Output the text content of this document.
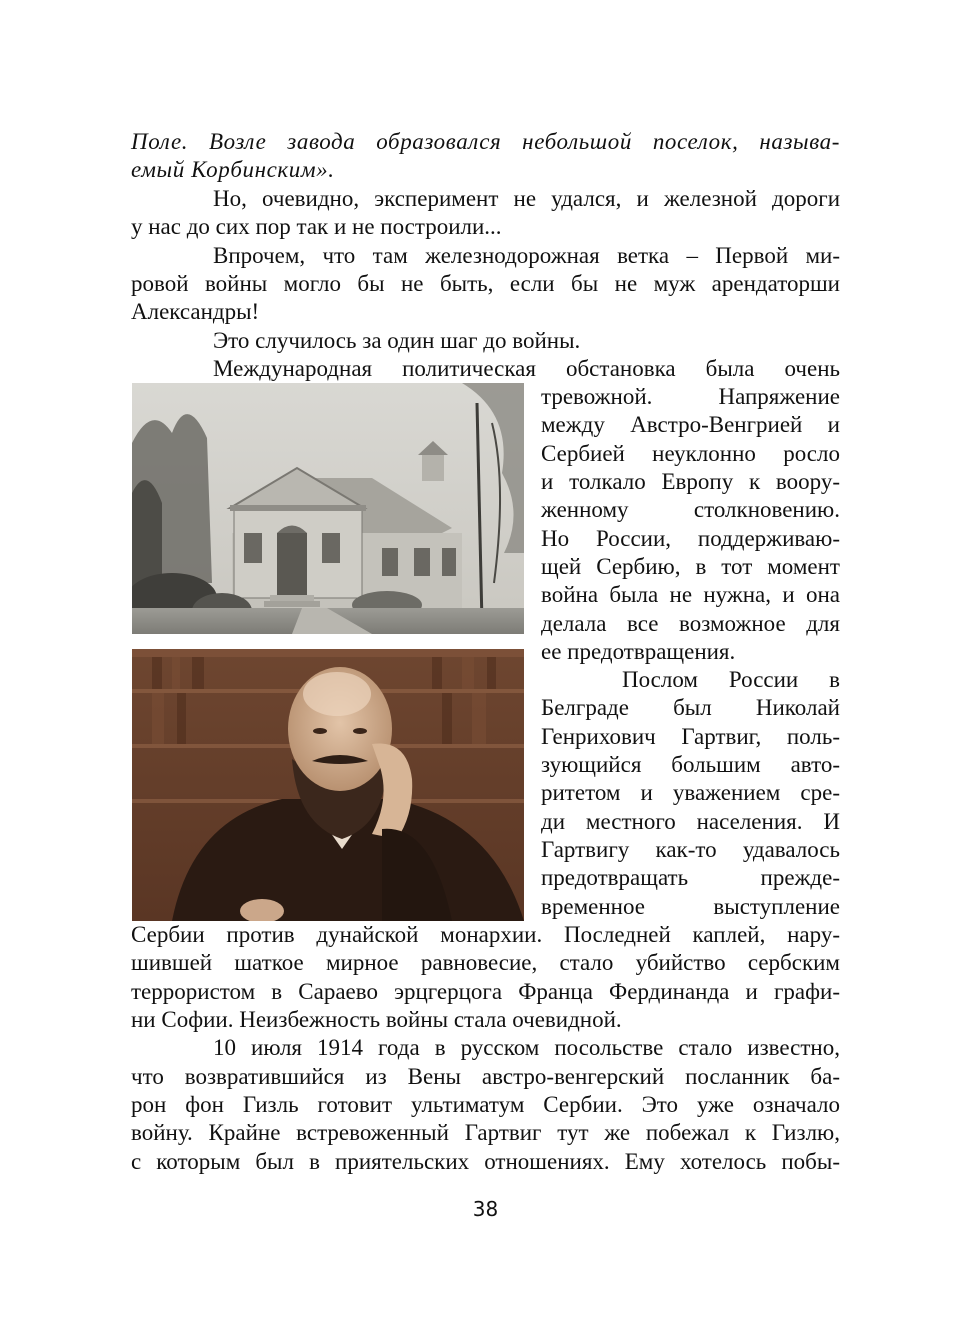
Поле. Возле завода образовался небольшой поселок, называ-
емый Корбинским».
Но, очевидно, эксперимент не удался, и железной дороги
у нас до сих пор так и не построили...
Впрочем, что там железнодорожная ветка – Первой ми-
ровой войны могло бы не быть, если бы не муж арендаторши
Александры!
Это случилось за один шаг до войны.
Международная политическая обстановка была очень
тревожной. Напряжение
между Австро-Венгрией и
Сербией неуклонно росло
и толкало Европу к воору-
женному столкновению.
Но России, поддерживаю-
щей Сербию, в тот момент
война была не нужна, и она
делала все возможное для
ее предотвращения.
Послом России в
Белграде был Николай
Генрихович Гартвиг, поль-
зующийся большим авто-
ритетом и уважением сре-
ди местного населения. И
Гартвигу как-то удавалось
предотвращать прежде-
временное выступление
Сербии против дунайской монархии. Последней каплей, нару-
шившей шаткое мирное равновесие, стало убийство сербским
террористом в Сараево эрцгерцога Франца Фердинанда и графи-
ни Софии. Неизбежность войны стала очевидной.
10 июля 1914 года в русском посольстве стало известно,
что возвратившийся из Вены австро-венгерский посланник ба-
рон фон Гизль готовит ультиматум Сербии. Это уже означало
войну. Крайне встревоженный Гартвиг тут же побежал к Гизлю,
с которым был в приятельских отношениях. Ему хотелось побы-
38
